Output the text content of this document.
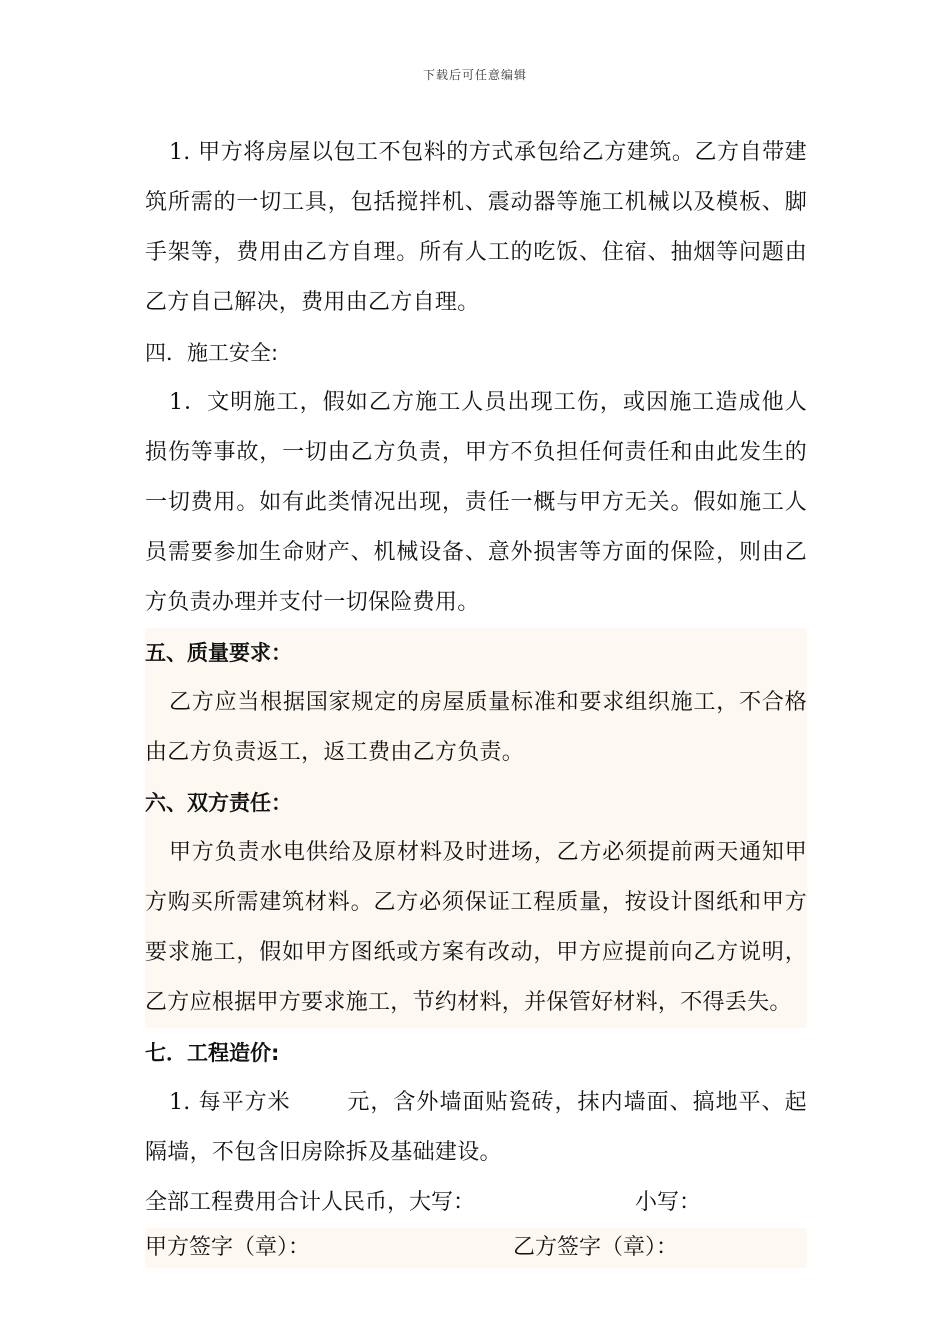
下载后可任意编辑

1. 甲方将房屋以包工不包料的方式承包给乙方建筑。乙方自带建筑所需的一切工具，包括搅拌机、震动器等施工机械以及模板、脚手架等，费用由乙方自理。所有人工的吃饭、住宿、抽烟等问题由乙方自己解决，费用由乙方自理。

四．施工安全:

1．文明施工，假如乙方施工人员出现工伤，或因施工造成他人损伤等事故，一切由乙方负责，甲方不负担任何责任和由此发生的一切费用。如有此类情况出现，责任一概与甲方无关。假如施工人员需要参加生命财产、机械设备、意外损害等方面的保险，则由乙方负责办理并支付一切保险费用。

五、质量要求：

乙方应当根据国家规定的房屋质量标准和要求组织施工，不合格由乙方负责返工，返工费由乙方负责。

六、双方责任：

甲方负责水电供给及原材料及时进场，乙方必须提前两天通知甲方购买所需建筑材料。乙方必须保证工程质量，按设计图纸和甲方要求施工，假如甲方图纸或方案有改动，甲方应提前向乙方说明，乙方应根据甲方要求施工，节约材料，并保管好材料，不得丢失。

七．工程造价:

1. 每平方米	元，含外墙面贴瓷砖，抹内墙面、搞地平、起隔墙，不包含旧房除拆及基础建设。

全部工程费用合计人民币，大写：	小写：
甲方签字（章）：	乙方签字（章）：
